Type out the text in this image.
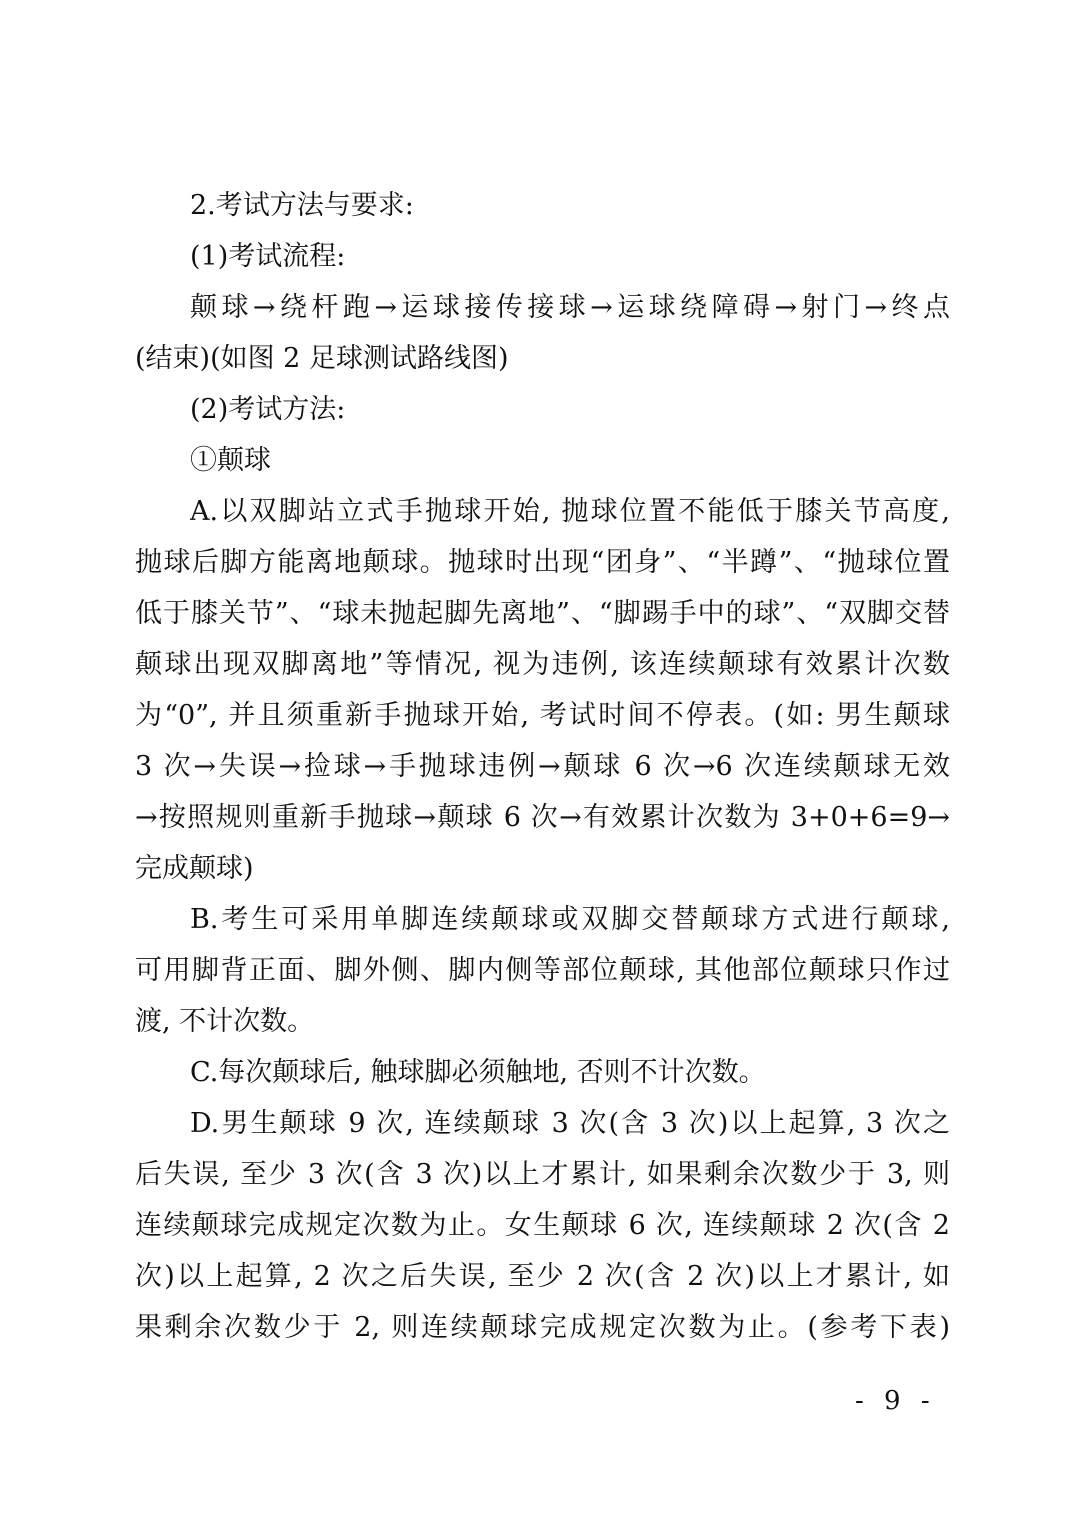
2.考试方法与要求:
(1)考试流程:
颠球→绕杆跑→运球接传接球→运球绕障碍→射门→终点
(结束)(如图 2 足球测试路线图)
(2)考试方法:
①颠球
A.以双脚站立式手抛球开始, 抛球位置不能低于膝关节高度,
抛球后脚方能离地颠球。抛球时出现“团身”、“半蹲”、“抛球位置
低于膝关节”、“球未抛起脚先离地”、“脚踢手中的球”、“双脚交替
颠球出现双脚离地”等情况, 视为违例, 该连续颠球有效累计次数
为“0”, 并且须重新手抛球开始, 考试时间不停表。(如: 男生颠球
3 次→失误→捡球→手抛球违例→颠球 6 次→6 次连续颠球无效
→按照规则重新手抛球→颠球 6 次→有效累计次数为 3+0+6=9→
完成颠球)
B.考生可采用单脚连续颠球或双脚交替颠球方式进行颠球,
可用脚背正面、脚外侧、脚内侧等部位颠球, 其他部位颠球只作过
渡, 不计次数。
C.每次颠球后, 触球脚必须触地, 否则不计次数。
D.男生颠球 9 次, 连续颠球 3 次(含 3 次)以上起算, 3 次之
后失误, 至少 3 次(含 3 次)以上才累计, 如果剩余次数少于 3, 则
连续颠球完成规定次数为止。女生颠球 6 次, 连续颠球 2 次(含 2
次)以上起算, 2 次之后失误, 至少 2 次(含 2 次)以上才累计, 如
果剩余次数少于 2, 则连续颠球完成规定次数为止。(参考下表)
- 9 -
